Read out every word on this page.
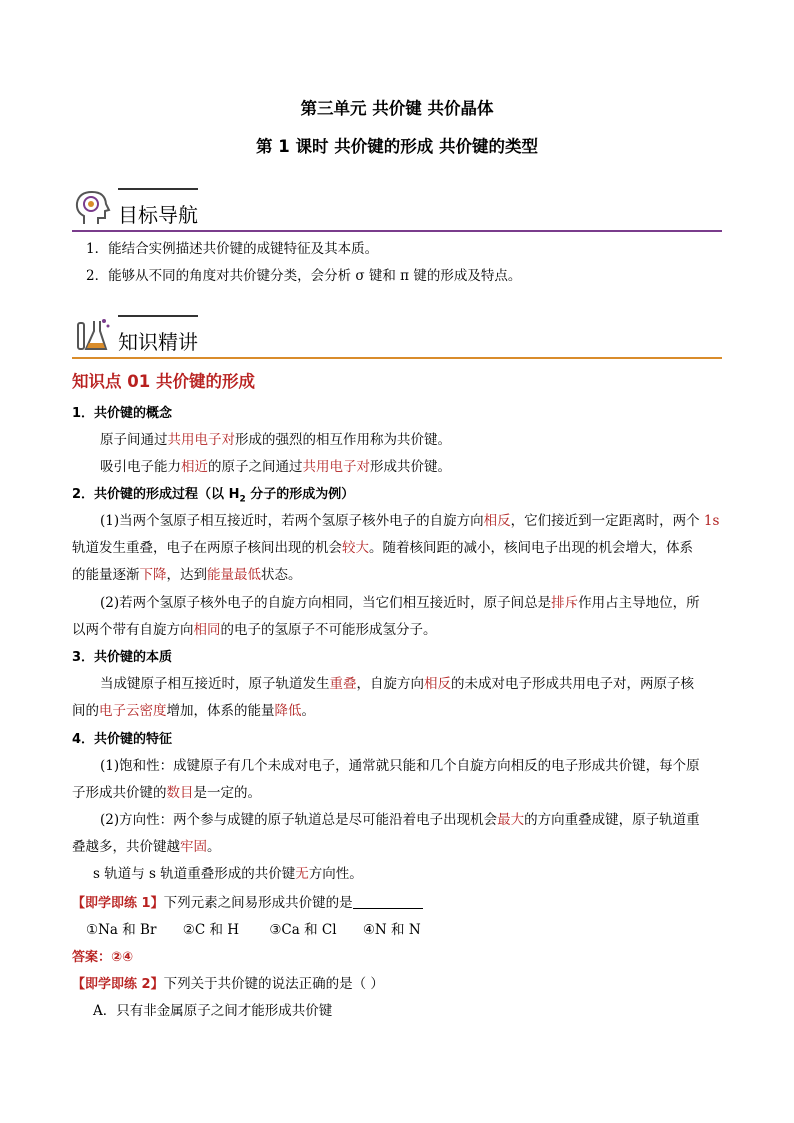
第三单元 共价键 共价晶体
第 1 课时 共价键的形成 共价键的类型
目标导航
1．能结合实例描述共价键的成键特征及其本质。
2．能够从不同的角度对共价键分类，会分析 σ 键和 π 键的形成及特点。
知识精讲
知识点 01 共价键的形成
1．共价键的概念
原子间通过共用电子对形成的强烈的相互作用称为共价键。
吸引电子能力相近的原子之间通过共用电子对形成共价键。
2．共价键的形成过程（以 $H_2$ 分子的形成为例）
(1)当两个氢原子相互接近时，若两个氢原子核外电子的自旋方向相反，它们接近到一定距离时，两个 1s
轨道发生重叠，电子在两原子核间出现的机会较大。随着核间距的减小，核间电子出现的机会增大，体系
的能量逐渐下降，达到能量最低状态。
(2)若两个氢原子核外电子的自旋方向相同，当它们相互接近时，原子间总是排斥作用占主导地位，所
以两个带有自旋方向相同的电子的氢原子不可能形成氢分子。
3．共价键的本质
当成键原子相互接近时，原子轨道发生重叠，自旋方向相反的未成对电子形成共用电子对，两原子核
间的电子云密度增加，体系的能量降低。
4．共价键的特征
(1)饱和性：成键原子有几个未成对电子，通常就只能和几个自旋方向相反的电子形成共价键，每个原
子形成共价键的数目是一定的。
(2)方向性：两个参与成键的原子轨道总是尽可能沿着电子出现机会最大的方向重叠成键，原子轨道重
叠越多，共价键越牢固。
s 轨道与 s 轨道重叠形成的共价键无方向性。
【即学即练 1】下列元素之间易形成共价键的是
①Na 和 Br ②C 和 H ③Ca 和 Cl ④N 和 N
答案：②④
【即学即练 2】下列关于共价键的说法正确的是（ ）
A．只有非金属原子之间才能形成共价键
